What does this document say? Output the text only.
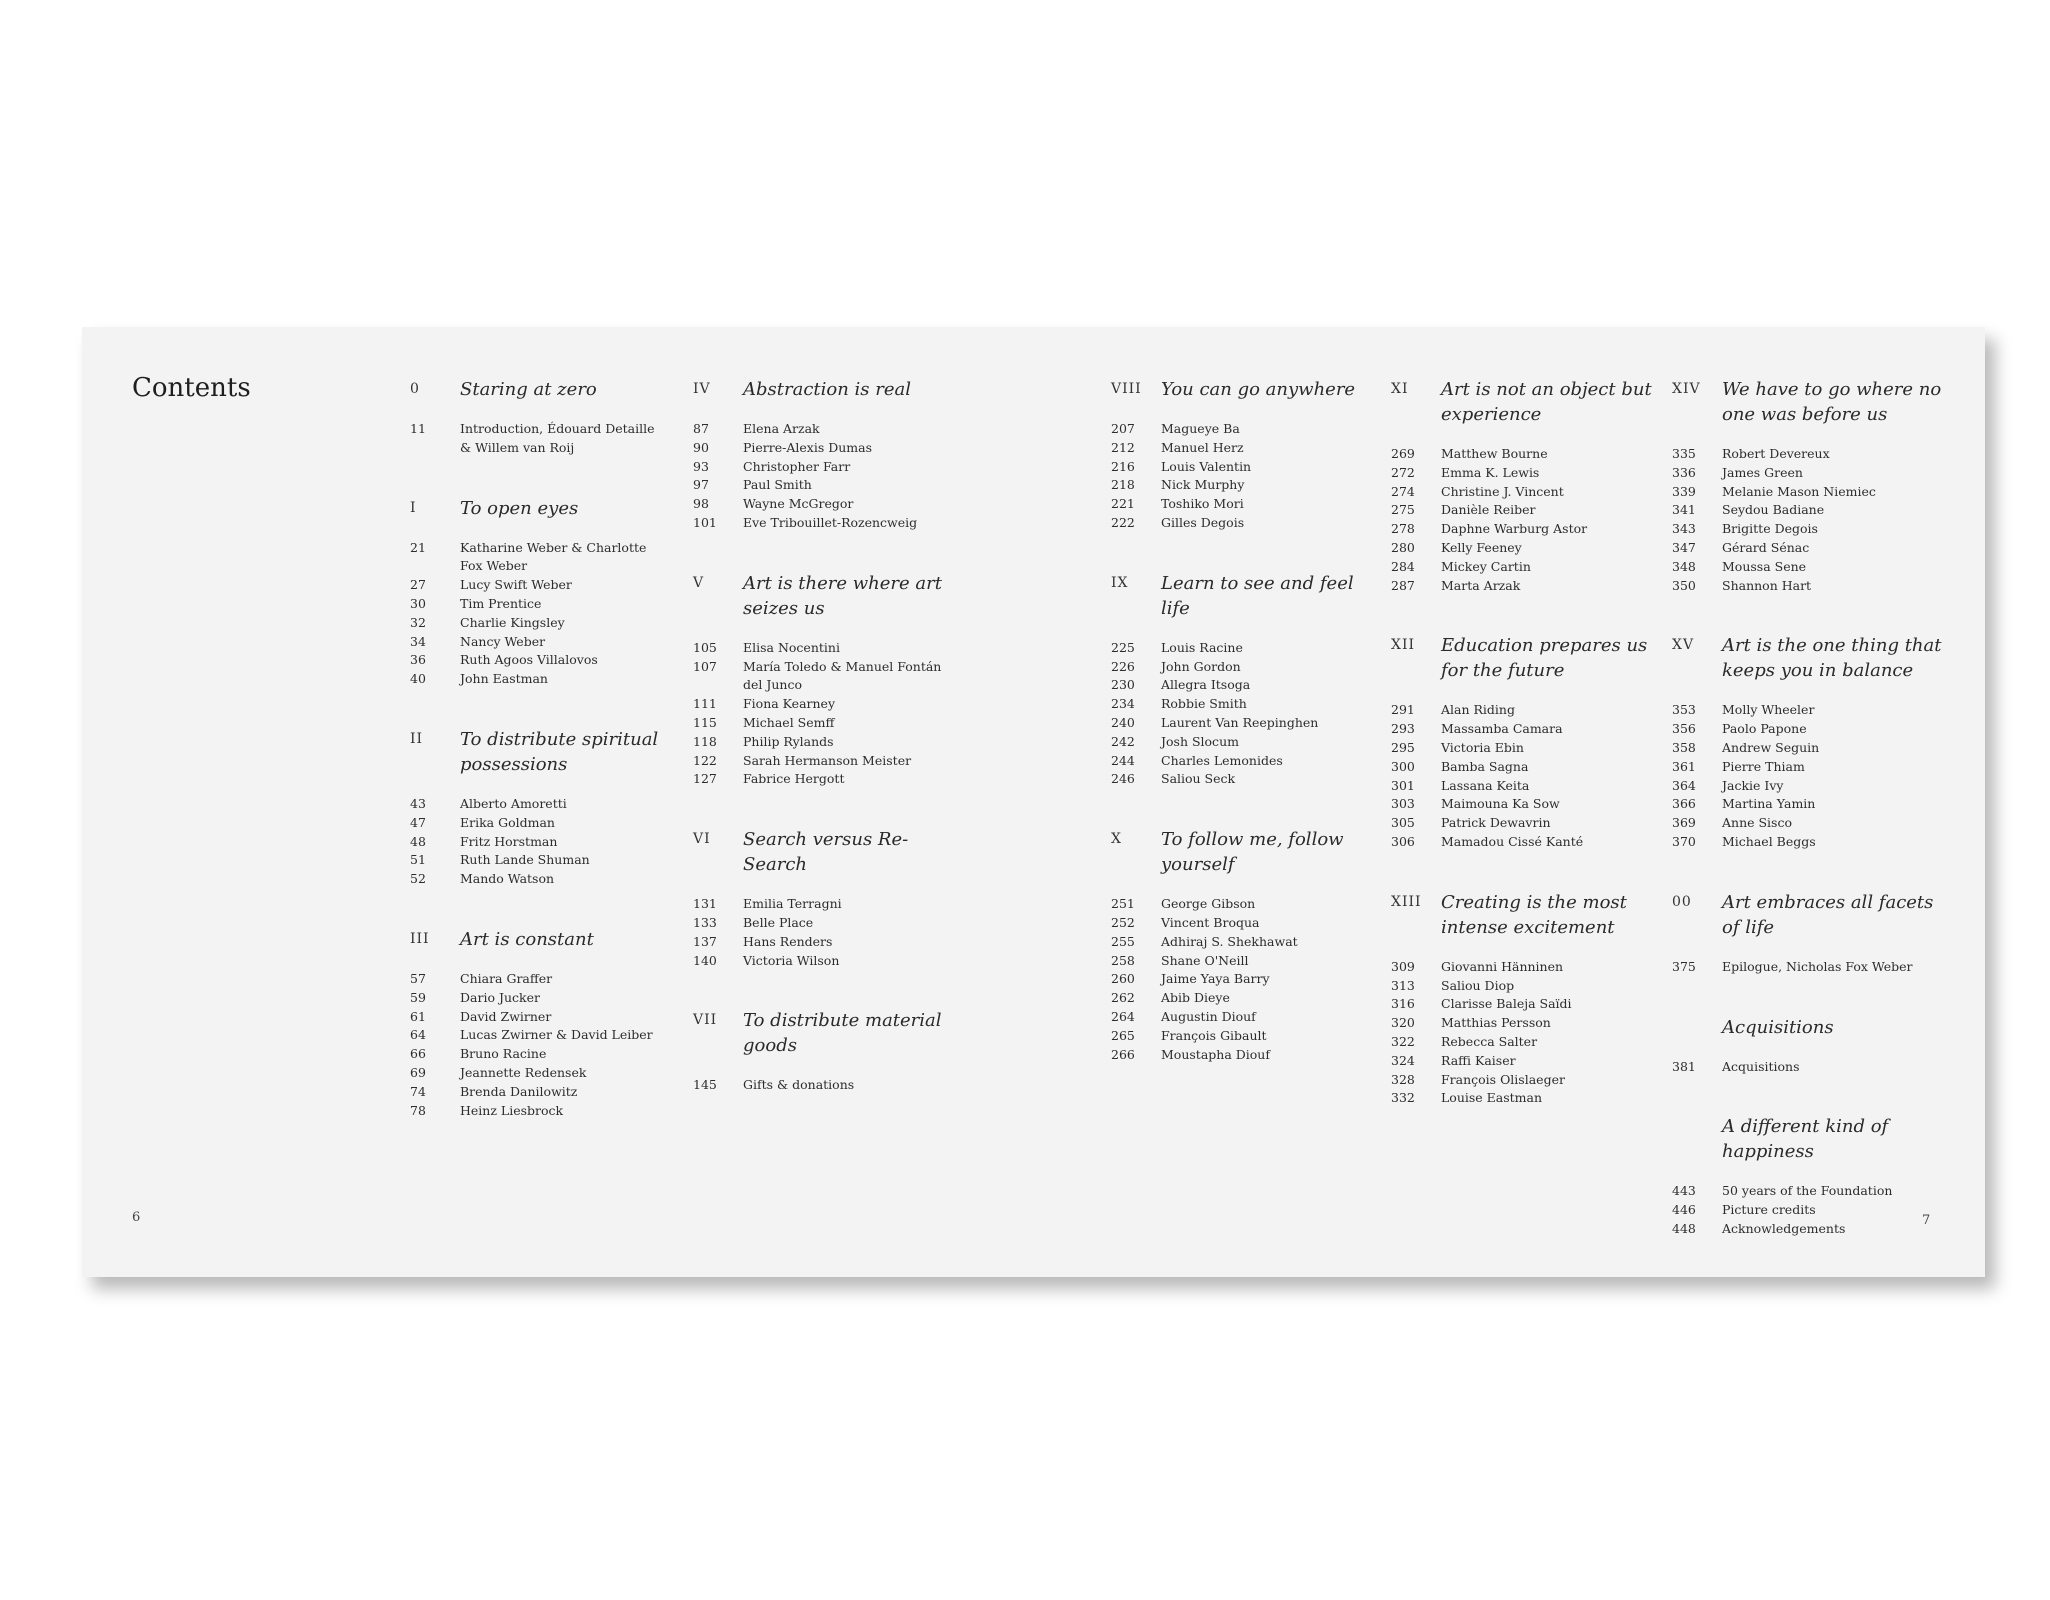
Contents	0	Staring at zero
11	Introduction, Édouard Detaille & Willem van Roij
I	To open eyes
21	Katharine Weber & Charlotte Fox Weber
27	Lucy Swift Weber
30	Tim Prentice
32	Charlie Kingsley
34	Nancy Weber
36	Ruth Agoos Villalovos
40	John Eastman
II	To distribute spiritual possessions
43	Alberto Amoretti
47	Erika Goldman
48	Fritz Horstman
51	Ruth Lande Shuman
52	Mando Watson
III	Art is constant
57	Chiara Graffer
59	Dario Jucker
61	David Zwirner
64	Lucas Zwirner & David Leiber
66	Bruno Racine
69	Jeannette Redensek
74	Brenda Danilowitz
78	Heinz Liesbrock
IV	Abstraction is real
87	Elena Arzak
90	Pierre-Alexis Dumas
93	Christopher Farr
97	Paul Smith
98	Wayne McGregor
101	Eve Tribouillet-Rozencweig
V	Art is there where art seizes us
105	Elisa Nocentini
107	María Toledo & Manuel Fontán del Junco
111	Fiona Kearney
115	Michael Semff
118	Philip Rylands
122	Sarah Hermanson Meister
127	Fabrice Hergott
VI	Search versus Re-Search
131	Emilia Terragni
133	Belle Place
137	Hans Renders
140	Victoria Wilson
VII	To distribute material goods
145	Gifts & donations
VIII	You can go anywhere
207	Magueye Ba
212	Manuel Herz
216	Louis Valentin
218	Nick Murphy
221	Toshiko Mori
222	Gilles Degois
IX	Learn to see and feel life
225	Louis Racine
226	John Gordon
230	Allegra Itsoga
234	Robbie Smith
240	Laurent Van Reepinghen
242	Josh Slocum
244	Charles Lemonides
246	Saliou Seck
X	To follow me, follow yourself
251	George Gibson
252	Vincent Broqua
255	Adhiraj S. Shekhawat
258	Shane O'Neill
260	Jaime Yaya Barry
262	Abib Dieye
264	Augustin Diouf
265	François Gibault
266	Moustapha Diouf
XI	Art is not an object but experience
269	Matthew Bourne
272	Emma K. Lewis
274	Christine J. Vincent
275	Danièle Reiber
278	Daphne Warburg Astor
280	Kelly Feeney
284	Mickey Cartin
287	Marta Arzak
XII	Education prepares us for the future
291	Alan Riding
293	Massamba Camara
295	Victoria Ebin
300	Bamba Sagna
301	Lassana Keita
303	Maimouna Ka Sow
305	Patrick Dewavrin
306	Mamadou Cissé Kanté
XIII	Creating is the most intense excitement
309	Giovanni Hänninen
313	Saliou Diop
316	Clarisse Baleja Saïdi
320	Matthias Persson
322	Rebecca Salter
324	Raffi Kaiser
328	François Olislaeger
332	Louise Eastman
XIV	We have to go where no one was before us
335	Robert Devereux
336	James Green
339	Melanie Mason Niemiec
341	Seydou Badiane
343	Brigitte Degois
347	Gérard Sénac
348	Moussa Sene
350	Shannon Hart
XV	Art is the one thing that keeps you in balance
353	Molly Wheeler
356	Paolo Papone
358	Andrew Seguin
361	Pierre Thiam
364	Jackie Ivy
366	Martina Yamin
369	Anne Sisco
370	Michael Beggs
00	Art embraces all facets of life
375	Epilogue, Nicholas Fox Weber
Acquisitions
381	Acquisitions
A different kind of happiness
443	50 years of the Foundation
446	Picture credits
448	Acknowledgements
6	7
